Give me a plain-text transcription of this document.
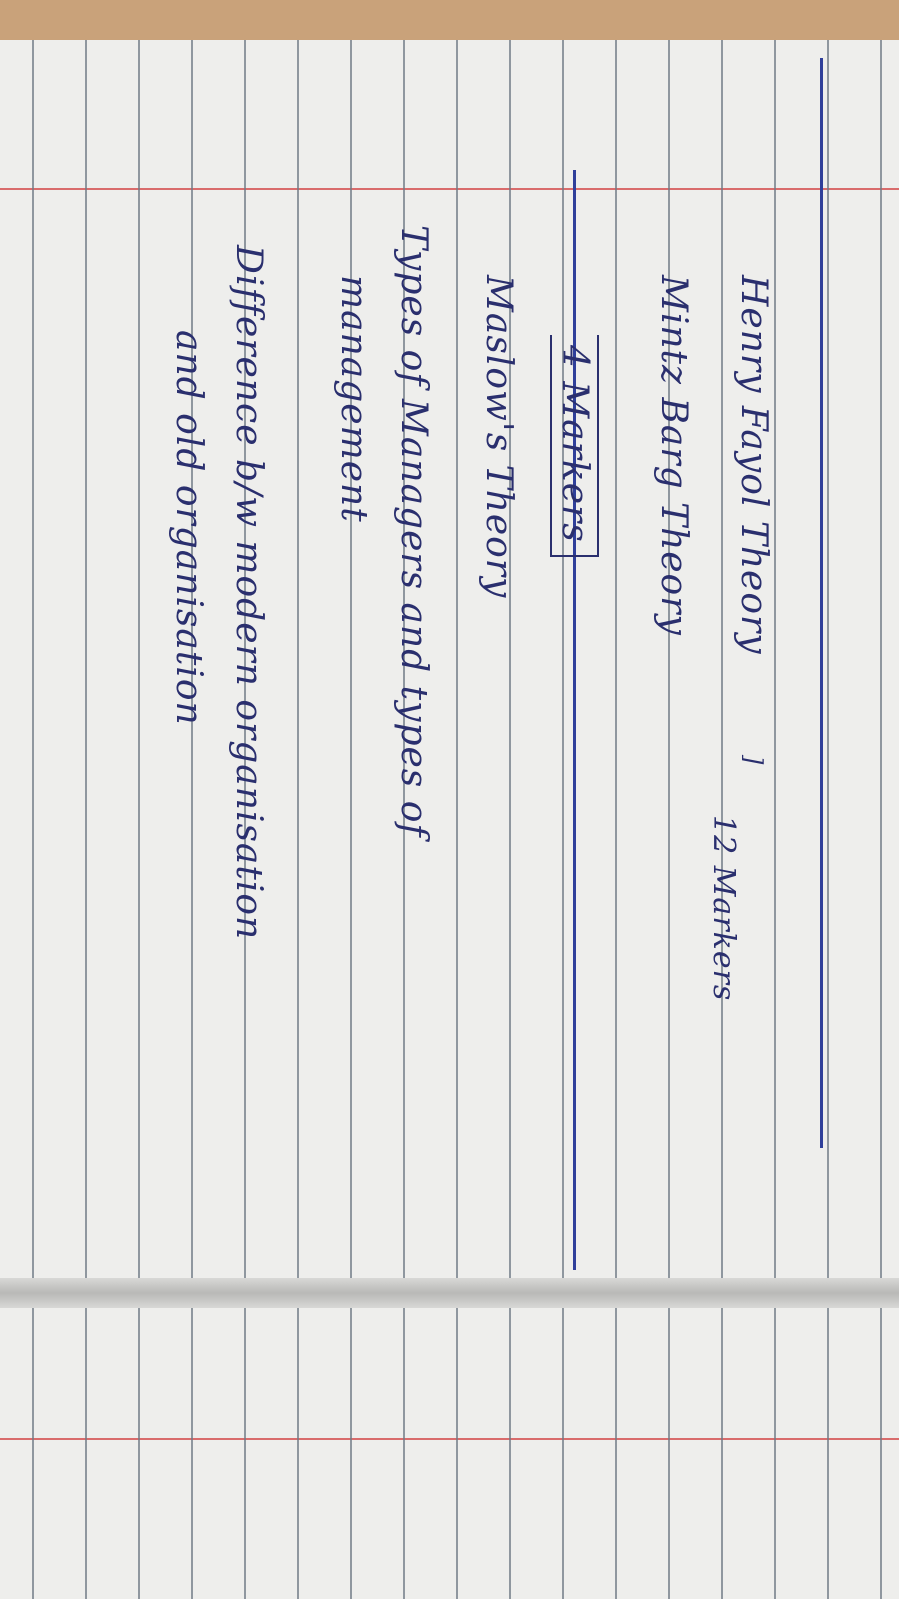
Henry Fayol Theory
Mintz Barg Theory
]
12 Markers
4 Markers
Maslow's Theory
Types of Managers and types of
management
Difference b/w modern organisation
and old organisation
